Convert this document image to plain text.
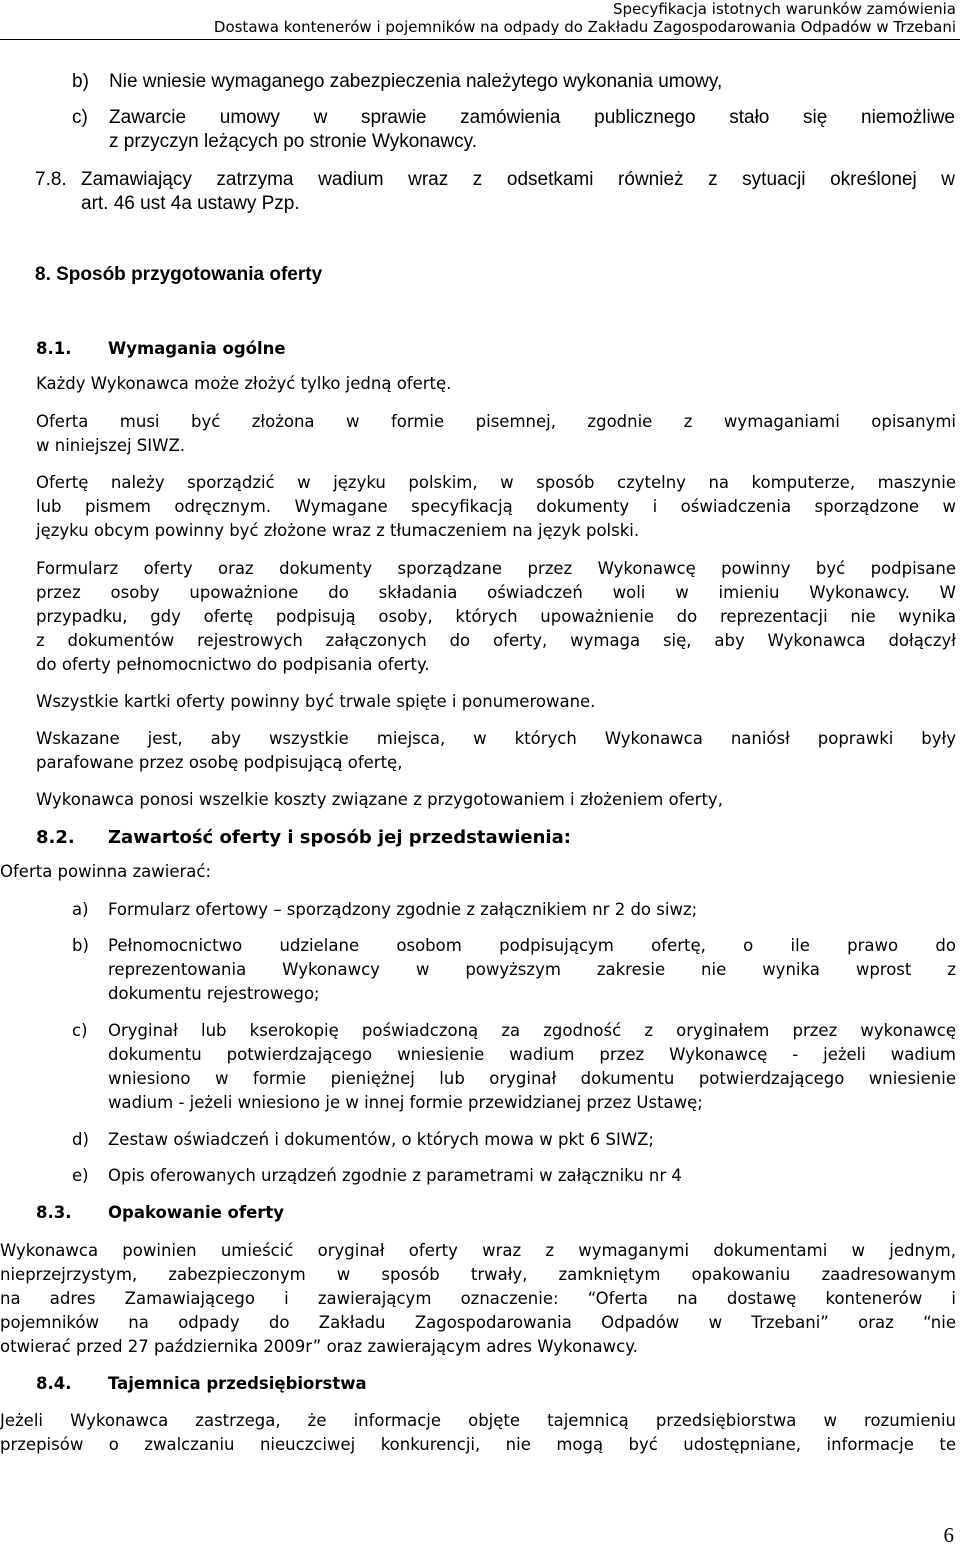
Specyfikacja istotnych warunków zamówienia
Dostawa kontenerów i pojemników na odpady do Zakładu Zagospodarowania Odpadów w Trzebani
b) Nie wniesie wymaganego zabezpieczenia należytego wykonania umowy,
c) Zawarcie umowy w sprawie zamówienia publicznego stało się niemożliwe
z przyczyn leżących po stronie Wykonawcy.
7.8. Zamawiający zatrzyma wadium wraz z odsetkami również z sytuacji określonej w
art. 46 ust 4a ustawy Pzp.
8. Sposób przygotowania oferty
8.1. Wymagania ogólne
Każdy Wykonawca może złożyć tylko jedną ofertę.
Oferta musi być złożona w formie pisemnej, zgodnie z wymaganiami opisanymi
w niniejszej SIWZ.
Ofertę należy sporządzić w języku polskim, w sposób czytelny na komputerze, maszynie
lub pismem odręcznym. Wymagane specyfikacją dokumenty i oświadczenia sporządzone w
języku obcym powinny być złożone wraz z tłumaczeniem na język polski.
Formularz oferty oraz dokumenty sporządzane przez Wykonawcę powinny być podpisane
przez osoby upoważnione do składania oświadczeń woli w imieniu Wykonawcy. W
przypadku, gdy ofertę podpisują osoby, których upoważnienie do reprezentacji nie wynika
z dokumentów rejestrowych załączonych do oferty, wymaga się, aby Wykonawca dołączył
do oferty pełnomocnictwo do podpisania oferty.
Wszystkie kartki oferty powinny być trwale spięte i ponumerowane.
Wskazane jest, aby wszystkie miejsca, w których Wykonawca naniósł poprawki były
parafowane przez osobę podpisującą ofertę,
Wykonawca ponosi wszelkie koszty związane z przygotowaniem i złożeniem oferty,
8.2. Zawartość oferty i sposób jej przedstawienia:
Oferta powinna zawierać:
a) Formularz ofertowy – sporządzony zgodnie z załącznikiem nr 2 do siwz;
b) Pełnomocnictwo udzielane osobom podpisującym ofertę, o ile prawo do
reprezentowania Wykonawcy w powyższym zakresie nie wynika wprost z
dokumentu rejestrowego;
c) Oryginał lub kserokopię poświadczoną za zgodność z oryginałem przez wykonawcę
dokumentu potwierdzającego wniesienie wadium przez Wykonawcę - jeżeli wadium
wniesiono w formie pieniężnej lub oryginał dokumentu potwierdzającego wniesienie
wadium - jeżeli wniesiono je w innej formie przewidzianej przez Ustawę;
d) Zestaw oświadczeń i dokumentów, o których mowa w pkt 6 SIWZ;
e) Opis oferowanych urządzeń zgodnie z parametrami w załączniku nr 4
8.3. Opakowanie oferty
Wykonawca powinien umieścić oryginał oferty wraz z wymaganymi dokumentami w jednym,
nieprzejrzystym, zabezpieczonym w sposób trwały, zamkniętym opakowaniu zaadresowanym
na adres Zamawiającego i zawierającym oznaczenie: “Oferta na dostawę kontenerów i
pojemników na odpady do Zakładu Zagospodarowania Odpadów w Trzebani” oraz “nie
otwierać przed 27 października 2009r” oraz zawierającym adres Wykonawcy.
8.4. Tajemnica przedsiębiorstwa
Jeżeli Wykonawca zastrzega, że informacje objęte tajemnicą przedsiębiorstwa w rozumieniu
przepisów o zwalczaniu nieuczciwej konkurencji, nie mogą być udostępniane, informacje te
6
